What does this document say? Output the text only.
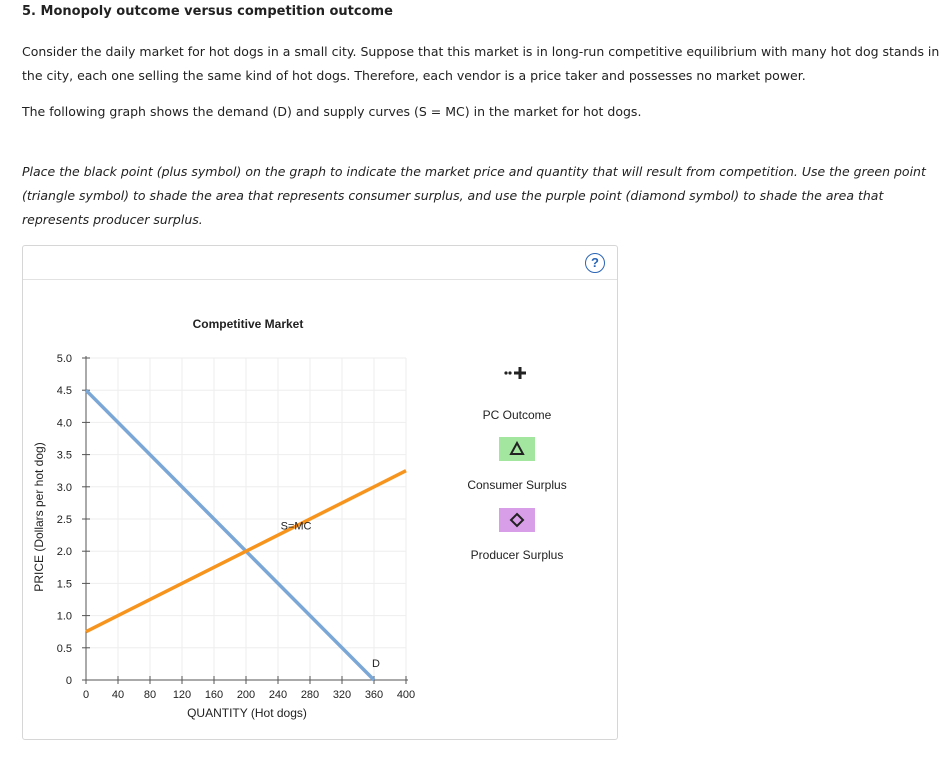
5. Monopoly outcome versus competition outcome
Consider the daily market for hot dogs in a small city. Suppose that this market is in long-run competitive equilibrium with many hot dog stands in the city, each one selling the same kind of hot dogs. Therefore, each vendor is a price taker and possesses no market power.
The following graph shows the demand (D) and supply curves (S = MC) in the market for hot dogs.
Place the black point (plus symbol) on the graph to indicate the market price and quantity that will result from competition. Use the green point (triangle symbol) to shade the area that represents consumer surplus, and use the purple point (diamond symbol) to shade the area that represents producer surplus.
?
0
0.5
1.0
1.5
2.0
2.5
3.0
3.5
4.0
4.5
5.0
0 40 80 120 160 200 240 280 320 360 400
D
S=MC
Competitive Market
QUANTITY (Hot dogs)
PRICE (Dollars per hot dog)
PC Outcome
Consumer Surplus
Producer Surplus
